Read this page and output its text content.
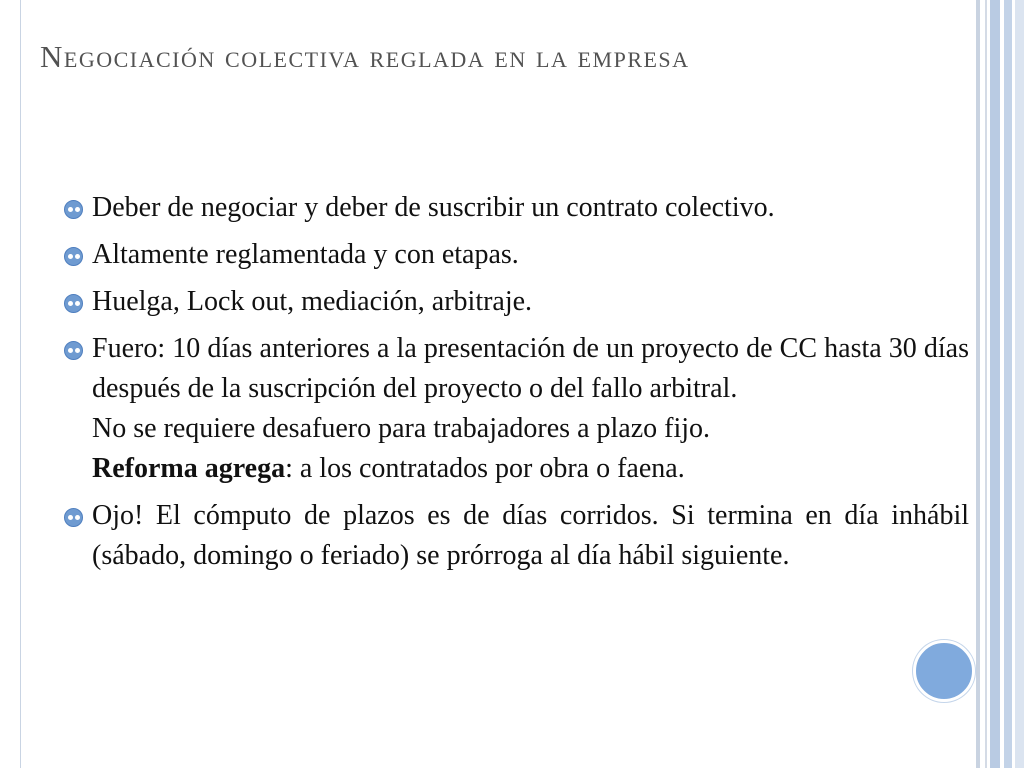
Negociación colectiva reglada en la empresa
Deber de negociar y deber de suscribir un contrato colectivo.
Altamente reglamentada y con etapas.
Huelga, Lock out, mediación, arbitraje.
Fuero: 10 días anteriores a la presentación de un proyecto de CC hasta 30 días después de la suscripción del proyecto o del fallo arbitral.
No se requiere desafuero para trabajadores a plazo fijo.
Reforma agrega: a los contratados por obra o faena.
Ojo! El cómputo de plazos es de días corridos. Si termina en día inhábil (sábado, domingo o feriado) se prórroga al día hábil siguiente.
